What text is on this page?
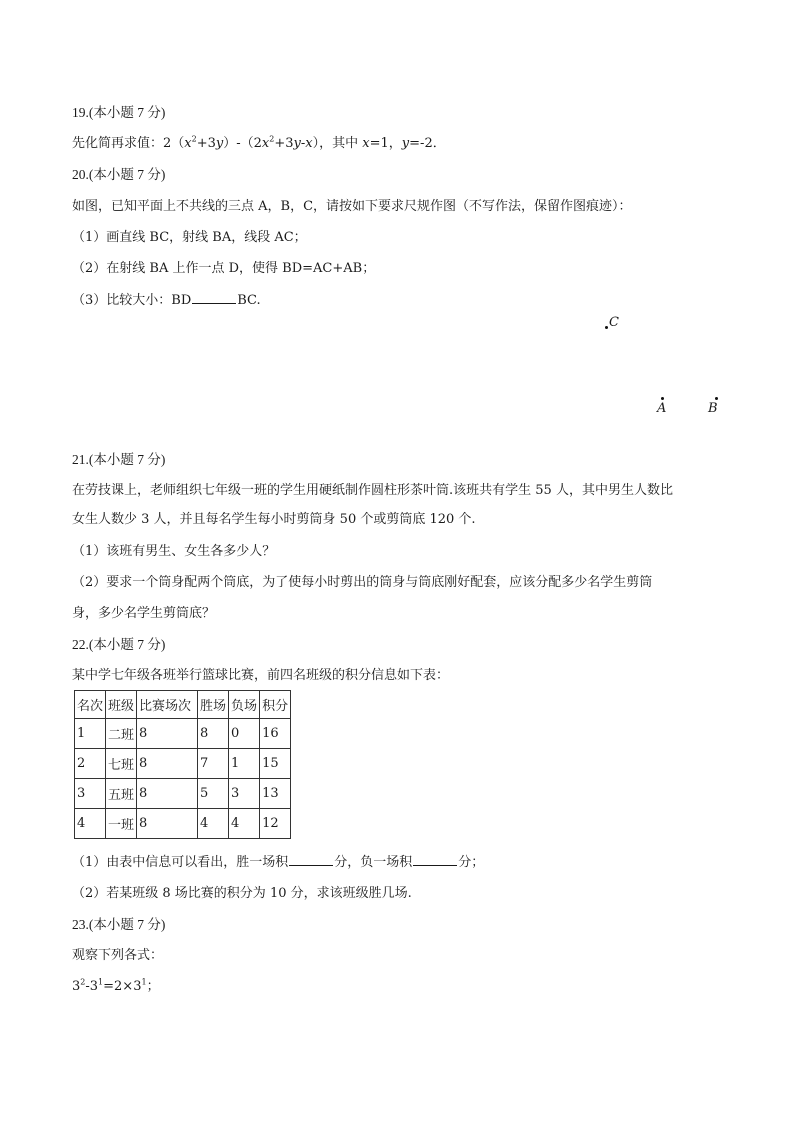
19.(本小题 7 分)
先化简再求值：$2(x^2+3y)-(2x^2+3y-x)$，其中 x=1，y=-2．
20.(本小题 7 分)
如图，已知平面上不共线的三点 A，B，C，请按如下要求尺规作图（不写作法，保留作图痕迹）：
（1）画直线 BC，射线 BA，线段 AC；
（2）在射线 BA 上作一点 D，使得 BD=AC+AB；
（3）比较大小：BD	BC.
C
A	B
21.(本小题 7 分)
在劳技课上，老师组织七年级一班的学生用硬纸制作圆柱形茶叶筒.该班共有学生 55 人，其中男生人数比
女生人数少 3 人，并且每名学生每小时剪筒身 50 个或剪筒底 120 个.
（1）该班有男生、女生各多少人？
（2）要求一个筒身配两个筒底，为了使每小时剪出的筒身与筒底刚好配套，应该分配多少名学生剪筒
身，多少名学生剪筒底？
22.(本小题 7 分)
某中学七年级各班举行篮球比赛，前四名班级的积分信息如下表：
名次	班级	比赛场次	胜场	负场	积分
1	二班	8	8	0	16
2	七班	8	7	1	15
3	五班	8	5	3	13
4	一班	8	4	4	12
（1）由表中信息可以看出，胜一场积	分，负一场积	分；
（2）若某班级 8 场比赛的积分为 10 分，求该班级胜几场.
23.(本小题 7 分)
观察下列各式：
$3^2-3^1=2\times 3^1$；
